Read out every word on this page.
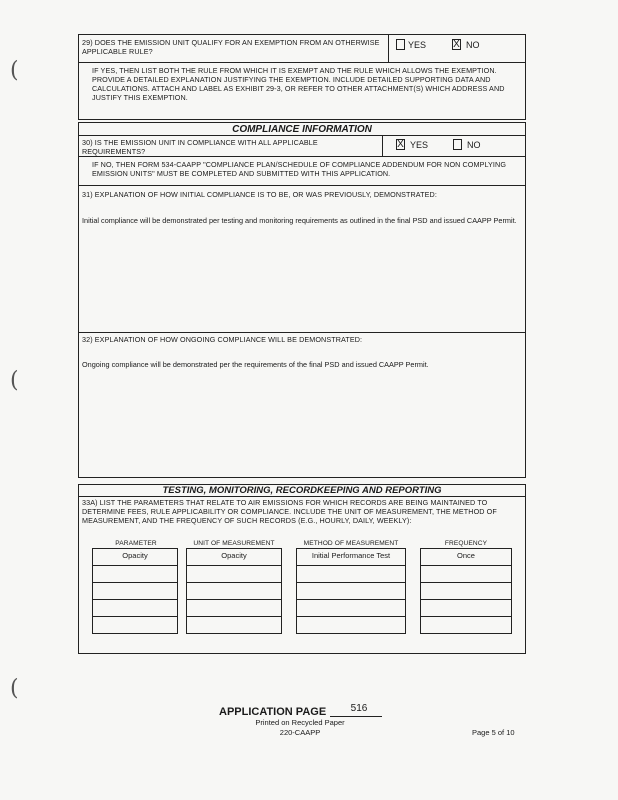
(
(
(
29) DOES THE EMISSION UNIT QUALIFY FOR AN EXEMPTION FROM AN OTHERWISE APPLICABLE RULE?
YES	X NO
IF YES, THEN LIST BOTH THE RULE FROM WHICH IT IS EXEMPT AND THE RULE WHICH ALLOWS THE EXEMPTION. PROVIDE A DETAILED EXPLANATION JUSTIFYING THE EXEMPTION. INCLUDE DETAILED SUPPORTING DATA AND CALCULATIONS. ATTACH AND LABEL AS EXHIBIT 29-3, OR REFER TO OTHER ATTACHMENT(S) WHICH ADDRESS AND JUSTIFY THIS EXEMPTION.
COMPLIANCE INFORMATION
30) IS THE EMISSION UNIT IN COMPLIANCE WITH ALL APPLICABLE REQUIREMENTS?
X YES	NO
IF NO, THEN FORM 534-CAAPP "COMPLIANCE PLAN/SCHEDULE OF COMPLIANCE ADDENDUM FOR NON COMPLYING EMISSION UNITS" MUST BE COMPLETED AND SUBMITTED WITH THIS APPLICATION.
31) EXPLANATION OF HOW INITIAL COMPLIANCE IS TO BE, OR WAS PREVIOUSLY, DEMONSTRATED:
Initial compliance will be demonstrated per testing and monitoring requirements as outlined in the final PSD and issued CAAPP Permit.
32) EXPLANATION OF HOW ONGOING COMPLIANCE WILL BE DEMONSTRATED:
Ongoing compliance will be demonstrated per the requirements of the final PSD and issued CAAPP Permit.
TESTING, MONITORING, RECORDKEEPING AND REPORTING
33A) LIST THE PARAMETERS THAT RELATE TO AIR EMISSIONS FOR WHICH RECORDS ARE BEING MAINTAINED TO DETERMINE FEES, RULE APPLICABILITY OR COMPLIANCE. INCLUDE THE UNIT OF MEASUREMENT, THE METHOD OF MEASUREMENT, AND THE FREQUENCY OF SUCH RECORDS (E.G., HOURLY, DAILY, WEEKLY):
PARAMETER	UNIT OF MEASUREMENT	METHOD OF MEASUREMENT	FREQUENCY
Opacity	Opacity	Initial Performance Test	Once
APPLICATION PAGE	516
Printed on Recycled Paper
220-CAAPP	Page 5 of 10
